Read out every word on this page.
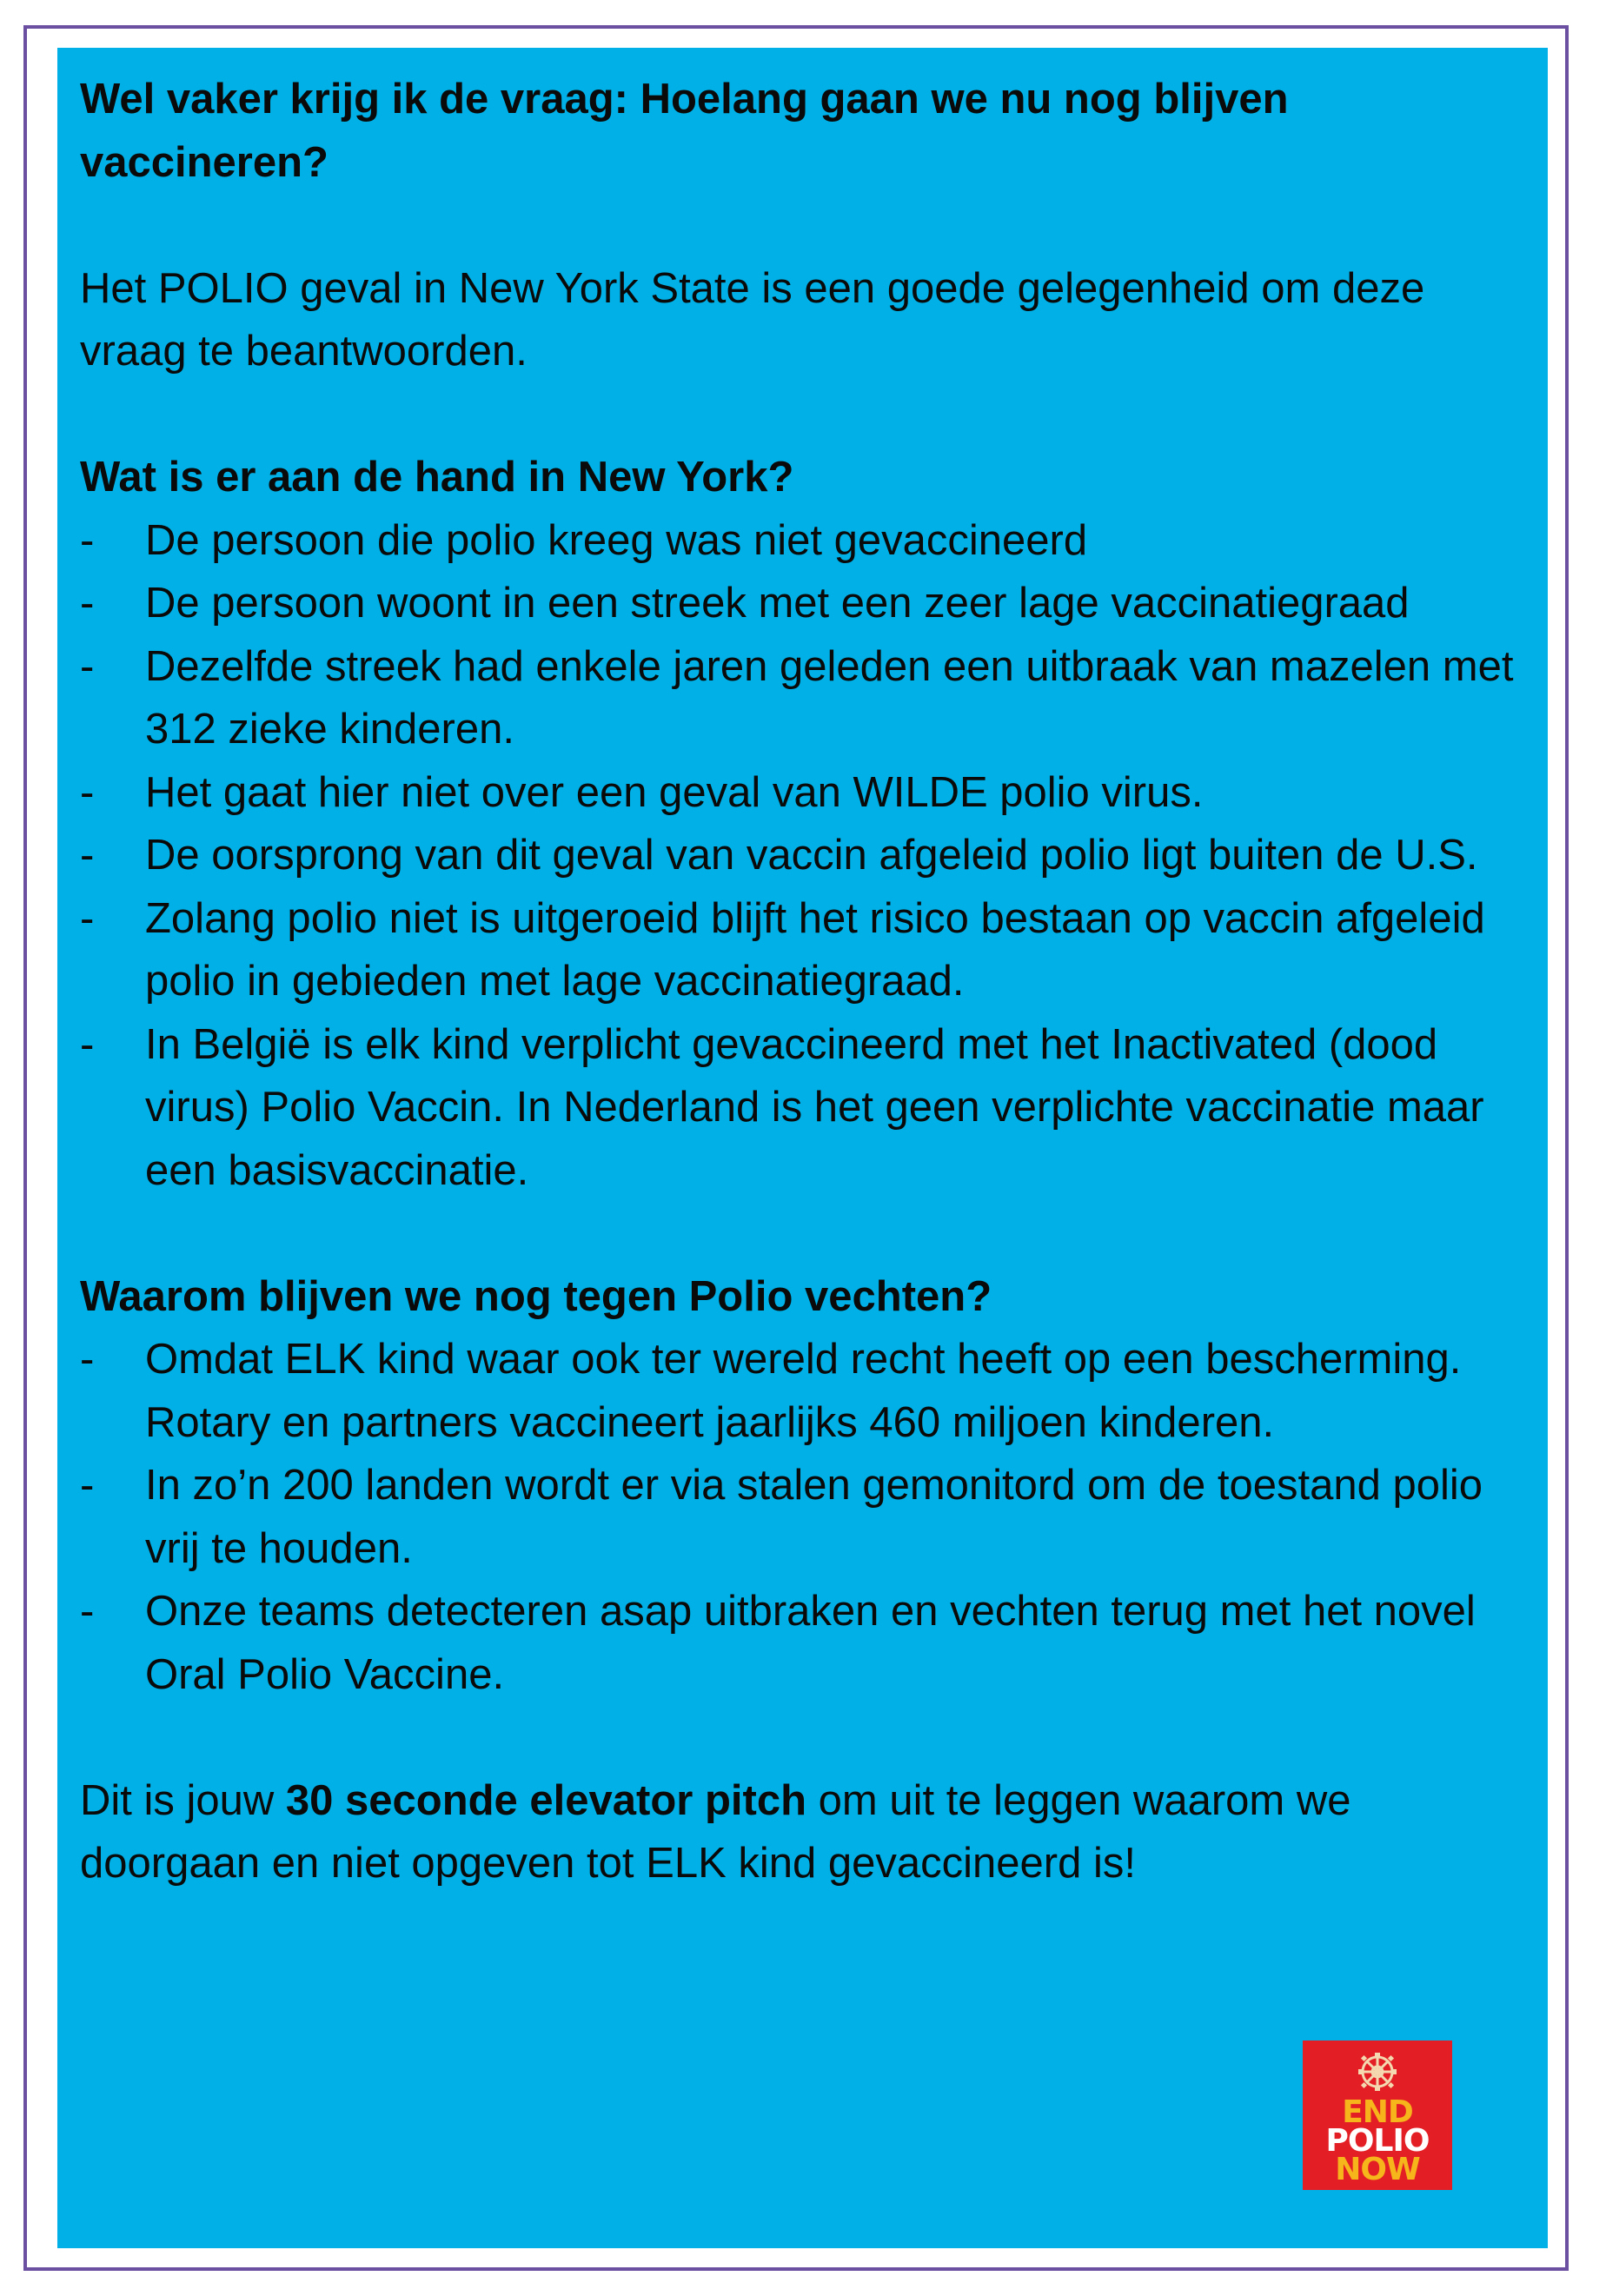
Wel vaker krijg ik de vraag: Hoelang gaan we nu nog blijven vaccineren?

Het POLIO geval in New York State is een goede gelegenheid om deze vraag te beantwoorden.

Wat is er aan de hand in New York?

- De persoon die polio kreeg was niet gevaccineerd
- De persoon woont in een streek met een zeer lage vaccinatiegraad
- Dezelfde streek had enkele jaren geleden een uitbraak van mazelen met 312 zieke kinderen.
- Het gaat hier niet over een geval van WILDE polio virus.
- De oorsprong van dit geval van vaccin afgeleid polio ligt buiten de U.S.
- Zolang polio niet is uitgeroeid blijft het risico bestaan op vaccin afgeleid polio in gebieden met lage vaccinatiegraad.
- In België is elk kind verplicht gevaccineerd met het Inactivated (dood virus) Polio Vaccin. In Nederland is het geen verplichte vaccinatie maar een basisvaccinatie.

Waarom blijven we nog tegen Polio vechten?

- Omdat ELK kind waar ook ter wereld recht heeft op een bescherming. Rotary en partners vaccineert jaarlijks 460 miljoen kinderen.
- In zo’n 200 landen wordt er via stalen gemonitord om de toestand polio vrij te houden.
- Onze teams detecteren asap uitbraken en vechten terug met het novel Oral Polio Vaccine.

Dit is jouw 30 seconde elevator pitch om uit te leggen waarom we doorgaan en niet opgeven tot ELK kind gevaccineerd is!

END
POLIO
NOW
